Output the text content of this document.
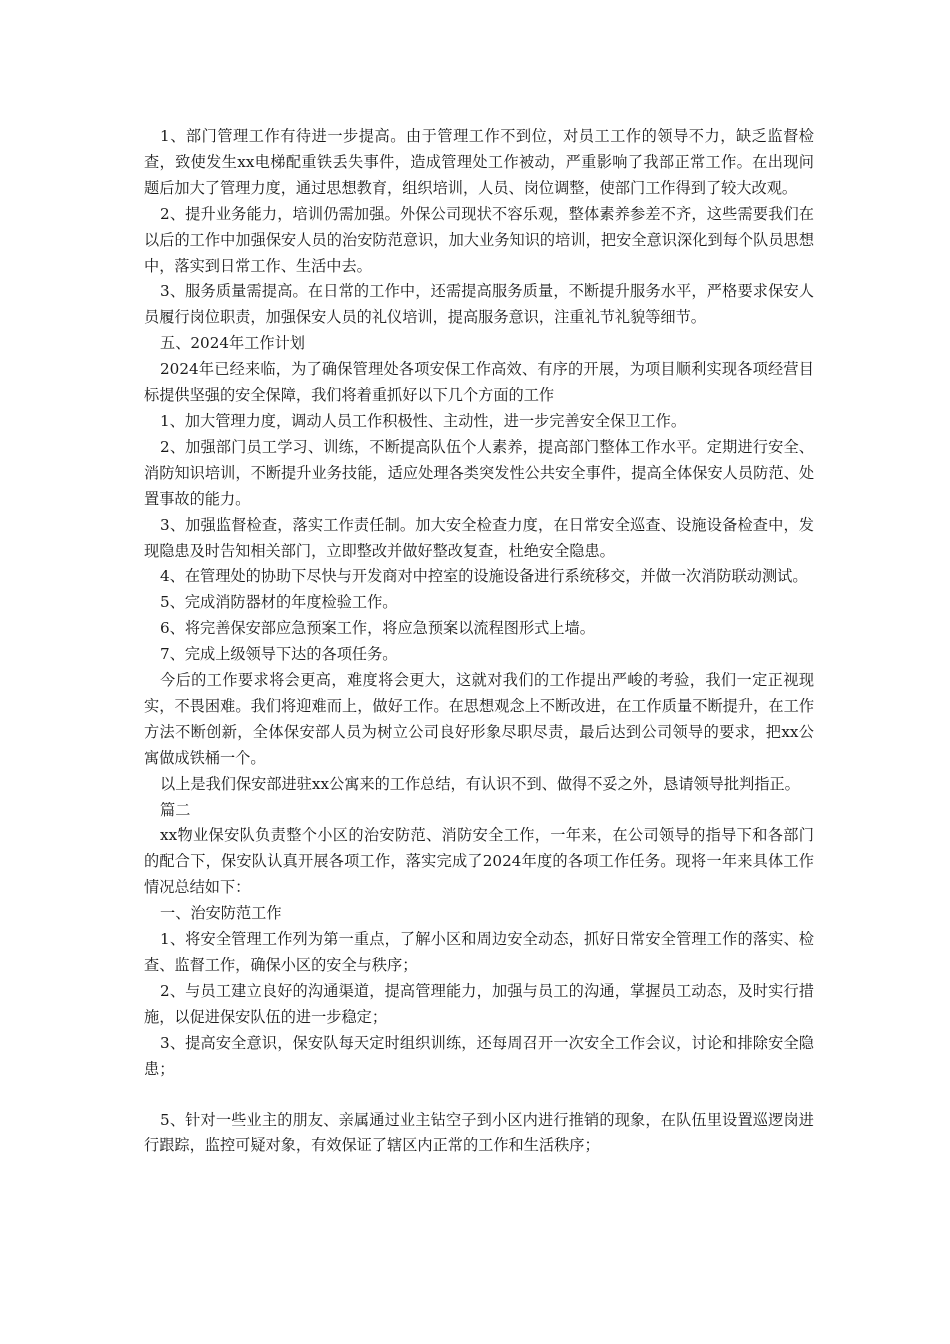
1、部门管理工作有待进一步提高。由于管理工作不到位，对员工工作的领导不力，缺乏监督检查，致使发生xx电梯配重铁丢失事件，造成管理处工作被动，严重影响了我部正常工作。在出现问题后加大了管理力度，通过思想教育，组织培训，人员、岗位调整，使部门工作得到了较大改观。

2、提升业务能力，培训仍需加强。外保公司现状不容乐观，整体素养参差不齐，这些需要我们在以后的工作中加强保安人员的治安防范意识，加大业务知识的培训，把安全意识深化到每个队员思想中，落实到日常工作、生活中去。

3、服务质量需提高。在日常的工作中，还需提高服务质量，不断提升服务水平，严格要求保安人员履行岗位职责，加强保安人员的礼仪培训，提高服务意识，注重礼节礼貌等细节。

五、2024年工作计划

2024年已经来临，为了确保管理处各项安保工作高效、有序的开展，为项目顺利实现各项经营目标提供坚强的安全保障，我们将着重抓好以下几个方面的工作

1、加大管理力度，调动人员工作积极性、主动性，进一步完善安全保卫工作。

2、加强部门员工学习、训练，不断提高队伍个人素养，提高部门整体工作水平。定期进行安全、消防知识培训，不断提升业务技能，适应处理各类突发性公共安全事件，提高全体保安人员防范、处置事故的能力。

3、加强监督检查，落实工作责任制。加大安全检查力度，在日常安全巡查、设施设备检查中，发现隐患及时告知相关部门，立即整改并做好整改复查，杜绝安全隐患。

4、在管理处的协助下尽快与开发商对中控室的设施设备进行系统移交，并做一次消防联动测试。

5、完成消防器材的年度检验工作。

6、将完善保安部应急预案工作，将应急预案以流程图形式上墙。

7、完成上级领导下达的各项任务。

今后的工作要求将会更高，难度将会更大，这就对我们的工作提出严峻的考验，我们一定正视现实，不畏困难。我们将迎难而上，做好工作。在思想观念上不断改进，在工作质量不断提升，在工作方法不断创新，全体保安部人员为树立公司良好形象尽职尽责，最后达到公司领导的要求，把xx公寓做成铁桶一个。

以上是我们保安部进驻xx公寓来的工作总结，有认识不到、做得不妥之外，恳请领导批判指正。

篇二

xx物业保安队负责整个小区的治安防范、消防安全工作，一年来，在公司领导的指导下和各部门的配合下，保安队认真开展各项工作，落实完成了2024年度的各项工作任务。现将一年来具体工作情况总结如下：

一、治安防范工作

1、将安全管理工作列为第一重点，了解小区和周边安全动态，抓好日常安全管理工作的落实、检查、监督工作，确保小区的安全与秩序；

2、与员工建立良好的沟通渠道，提高管理能力，加强与员工的沟通，掌握员工动态，及时实行措施，以促进保安队伍的进一步稳定；

3、提高安全意识，保安队每天定时组织训练，还每周召开一次安全工作会议，讨论和排除安全隐患；

5、针对一些业主的朋友、亲属通过业主钻空子到小区内进行推销的现象，在队伍里设置巡逻岗进行跟踪，监控可疑对象，有效保证了辖区内正常的工作和生活秩序；
